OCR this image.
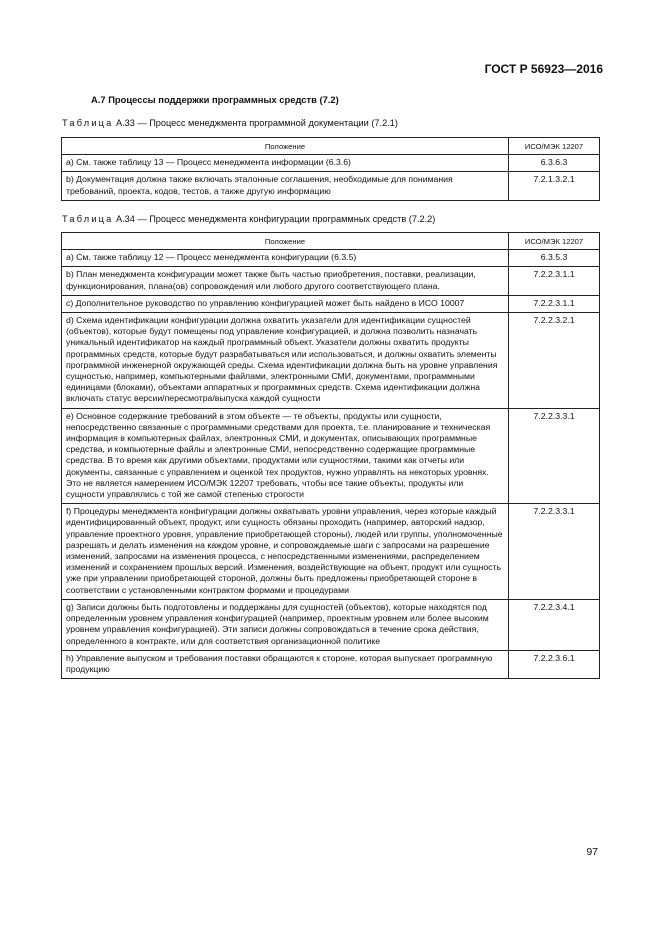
ГОСТ Р 56923—2016
А.7 Процессы поддержки программных средств (7.2)
Таблица А.33 — Процесс менеджмента программной документации (7.2.1)
Положение	ИСО/МЭК 12207
a) См. также таблицу 13 — Процесс менеджмента информации (6.3.6)	6.3.6.3
b) Документация должна также включать эталонные соглашения, необходимые для понимания требований, проекта, кодов, тестов, а также другую информацию	7.2.1.3.2.1
Таблица А.34 — Процесс менеджмента конфигурации программных средств (7.2.2)
Положение	ИСО/МЭК 12207
a) См. также таблицу 12 — Процесс менеджмента конфигурации (6.3.5)	6.3.5.3
b) План менеджмента конфигурации может также быть частью приобретения, поставки, реализации, функционирования, плана(ов) сопровождения или любого другого соответствующего плана.	7.2.2.3.1.1
c) Дополнительное руководство по управлению конфигурацией может быть найдено в ИСО 10007	7.2.2.3.1.1
d) Схема идентификации конфигурации должна охватить указатели для идентификации сущностей (объектов), которые будут помещены под управление конфигурацией, и должна позволить назначать уникальный идентификатор на каждый программный объект. Указатели должны охватить продукты программных средств, которые будут разрабатываться или использоваться, и должны охватить элементы программной инженерной окружающей среды. Схема идентификации должна быть на уровне управления сущностью, например, компьютерными файлами, электронными СМИ, документами, программными единицами (блоками), объектами аппаратных и программных средств. Схема идентификации должна включать статус версии/пересмотра/выпуска каждой сущности	7.2.2.3.2.1
e) Основное содержание требований в этом объекте — те объекты, продукты или сущности, непосредственно связанные с программными средствами для проекта, т.е. планирование и техническая информация в компьютерных файлах, электронных СМИ, и документах, описывающих программные средства, и компьютерные файлы и электронные СМИ, непосредственно содержащие программные средства. В то время как другими объектами, продуктами или сущностями, такими как отчеты или документы, связанные с управлением и оценкой тех продуктов, нужно управлять на некоторых уровнях. Это не является намерением ИСО/МЭК 12207 требовать, чтобы все такие объекты, продукты или сущности управлялись с той же самой степенью строгости	7.2.2.3.3.1
f) Процедуры менеджмента конфигурации должны охватывать уровни управления, через которые каждый идентифицированный объект, продукт, или сущность обязаны проходить (например, авторский надзор, управление проектного уровня, управление приобретающей стороны), людей или группы, уполномоченные разрешать и делать изменения на каждом уровне, и сопровождаемые шаги с запросами на разрешение изменений, запросами на изменения процесса, с непосредственными изменениями, распределением изменений и сохранением прошлых версий. Изменения, воздействующие на объект, продукт или сущность уже при управлении приобретающей стороной, должны быть предложены приобретающей стороне в соответствии с установленными контрактом формами и процедурами	7.2.2.3.3.1
g) Записи должны быть подготовлены и поддержаны для сущностей (объектов), которые находятся под определенным уровнем управления конфигурацией (например, проектным уровнем или более высоким уровнем управления конфигурацией). Эти записи должны сопровождаться в течение срока действия, определенного в контракте, или для соответствия организационной политике	7.2.2.3.4.1
h) Управление выпуском и требования поставки обращаются к стороне, которая выпускает программную продукцию	7.2.2.3.6.1
97
